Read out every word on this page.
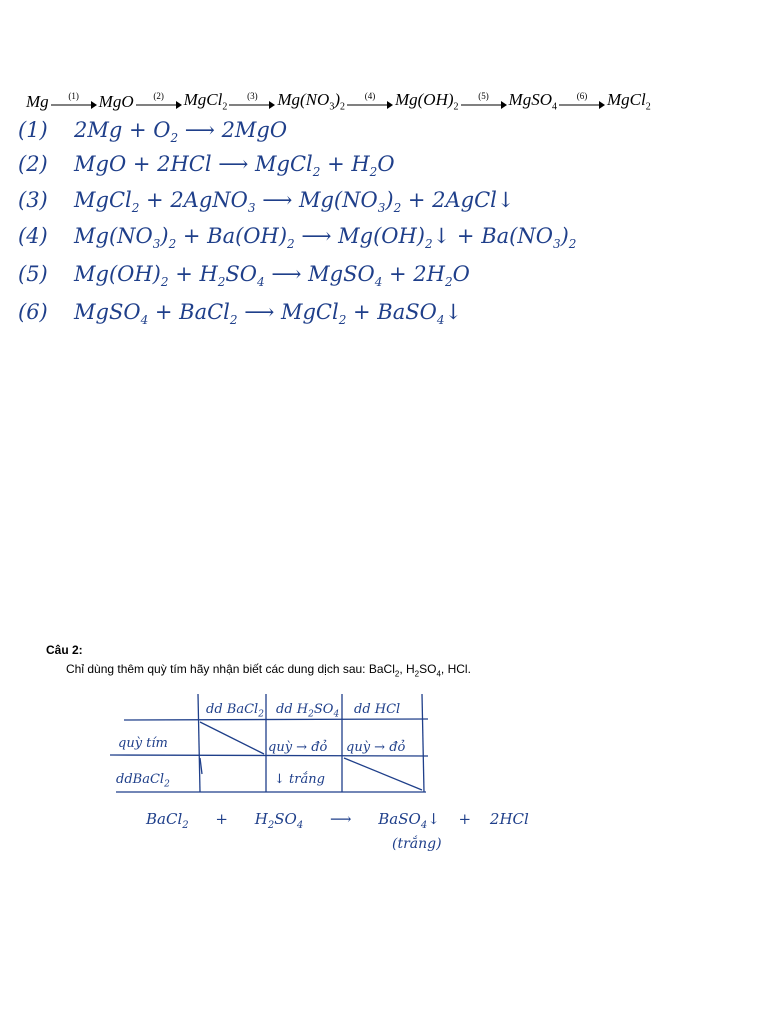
Mg (1) MgO (2) MgCl$_2$
(3) $Mg(NO_3)_2$
(4) $Mg(OH)_2$
(5) MgSO$_4$
(6) MgCl$_2$
(1) $2Mg + O_2$ ⟶ 2MgO
(2) MgO + 2HCl ⟶ MgCl$_2$ + $H_2O$
(3) MgCl$_2$ + 2AgNO$_3$ ⟶ $Mg(NO_3)_2$ + 2AgCl↓
(4) $Mg(NO_3)_2 + Ba(OH)_2$ ⟶ $Mg(OH)_2↓ + Ba(NO_3)_2$
(5) $Mg(OH)_2 + H_2SO_4$ ⟶ MgSO$_4$ + $2H_2O$
(6) MgSO$_4$ + BaCl$_2$ ⟶ MgCl$_2$ + BaSO$_4$↓
Câu 2:
Chỉ dùng thêm quỳ tím hãy nhận biết các dung dịch sau: BaCl$_2$, $H_2SO_4$, HCl.
dd BaCl$_2$ dd $H_2SO_4$ dd HCl
quỳ tím	quỳ → đỏ quỳ → đỏ
ddBaCl$_2$	↓ trắng
BaCl$_2$ + $H_2SO_4$ ⟶ BaSO$_4$↓ + 2HCl
(trắng)
